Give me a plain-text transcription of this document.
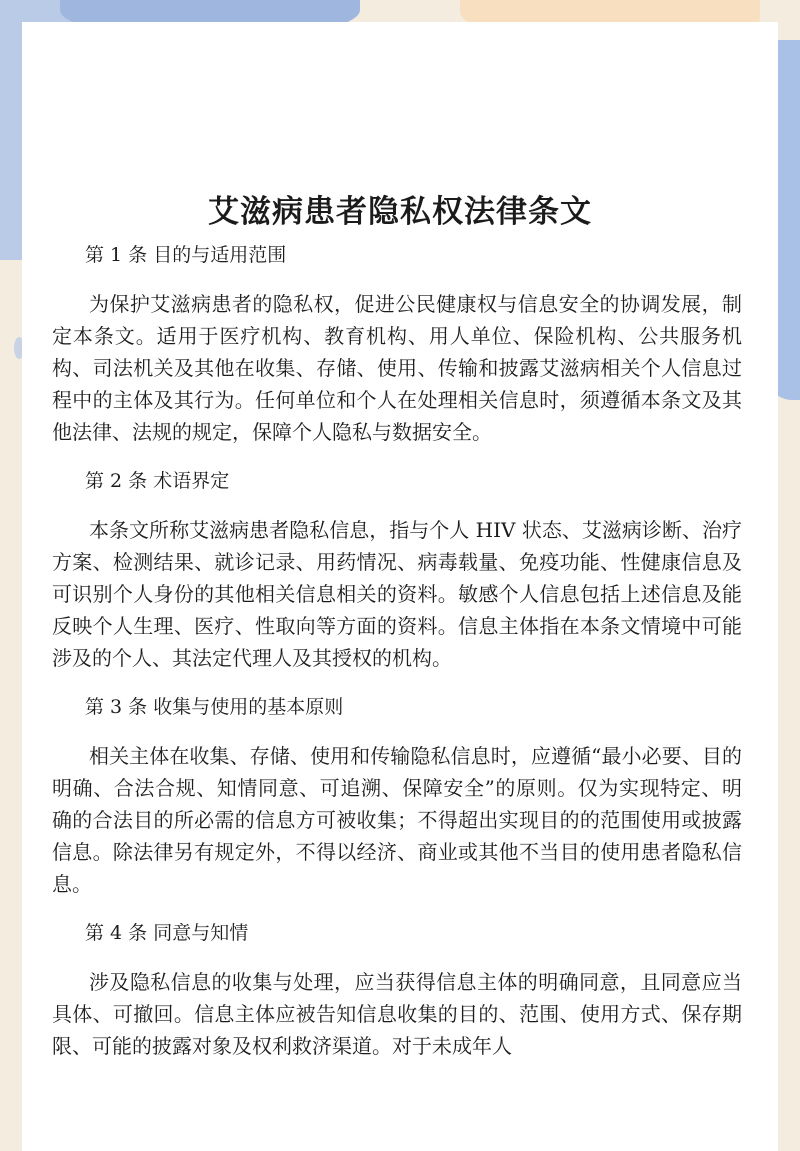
艾滋病患者隐私权法律条文

第 1 条 目的与适用范围

为保护艾滋病患者的隐私权，促进公民健康权与信息安全的协调发展，制定本条文。适用于医疗机构、教育机构、用人单位、保险机构、公共服务机构、司法机关及其他在收集、存储、使用、传输和披露艾滋病相关个人信息过程中的主体及其行为。任何单位和个人在处理相关信息时，须遵循本条文及其他法律、法规的规定，保障个人隐私与数据安全。

第 2 条 术语界定

本条文所称艾滋病患者隐私信息，指与个人 HIV 状态、艾滋病诊断、治疗方案、检测结果、就诊记录、用药情况、病毒载量、免疫功能、性健康信息及可识别个人身份的其他相关信息相关的资料。敏感个人信息包括上述信息及能反映个人生理、医疗、性取向等方面的资料。信息主体指在本条文情境中可能涉及的个人、其法定代理人及其授权的机构。

第 3 条 收集与使用的基本原则

相关主体在收集、存储、使用和传输隐私信息时，应遵循“最小必要、目的明确、合法合规、知情同意、可追溯、保障安全”的原则。仅为实现特定、明确的合法目的所必需的信息方可被收集；不得超出实现目的的范围使用或披露信息。除法律另有规定外，不得以经济、商业或其他不当目的使用患者隐私信息。

第 4 条 同意与知情

涉及隐私信息的收集与处理，应当获得信息主体的明确同意，且同意应当具体、可撤回。信息主体应被告知信息收集的目的、范围、使用方式、保存期限、可能的披露对象及权利救济渠道。对于未成年人
